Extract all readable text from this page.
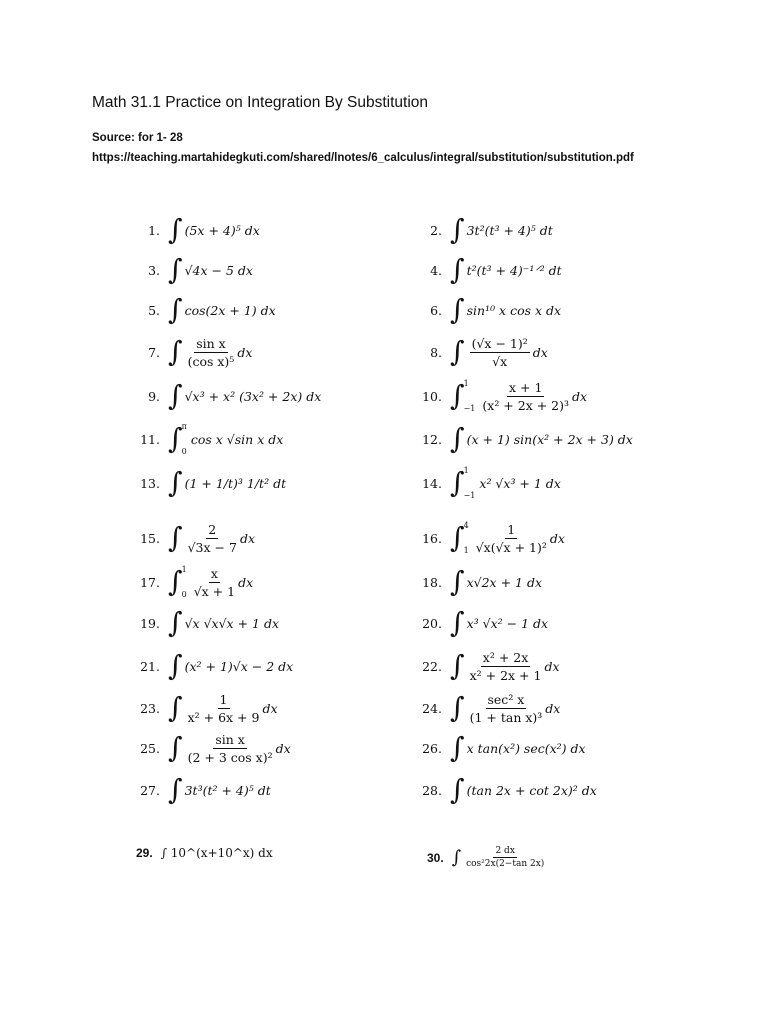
Math 31.1 Practice on Integration By Substitution
Source: for 1- 28
https://teaching.martahidegkuti.com/shared/lnotes/6_calculus/integral/substitution/substitution.pdf
1. ∫ (5x + 4)⁵ dx	2. ∫ 3t²(t³ + 4)⁵ dt
3. ∫ √4x − 5 dx	4. ∫ t²(t³ + 4)⁻¹ᐟ² dt
5. ∫ cos(2x + 1) dx	6. ∫ sin¹⁰ x cos x dx
7. ∫ $\frac{\text{sin x}}{\text{(cos x)⁵}}$ dx	8. ∫ $\frac{\text{(√x − 1)²}}{√x}$ dx
9. ∫ √x³ + x² (3x² + 2x) dx	10. ∫ 1
$-1 \frac{x + 1}{\text{(x² + 2x + 2)³}}$ dx
11. ∫ π
0
cos x √sin x dx	12. ∫ (x + 1) sin(x² + 2x + 3) dx
13. ∫ (1 + 1/t)³ 1/t² dt	14. ∫ 1
−1
x² √x³ + 1 dx
15. ∫ $\frac{2}{√3x - 7}$ dx	16. ∫ 4
$1 \frac{1}{\text{√x(√x + 1)²}}$ dx
17. ∫ 1
$0 \frac{x}{√x + 1}$ dx	18. ∫ x√2x + 1 dx
19. ∫ √x √x√x + 1 dx	20. ∫ x³ √x² − 1 dx
21. ∫ (x² + 1)√x − 2 dx	22. ∫ $\frac{\text{x² + 2x}}{\text{x² + 2x + 1}}$ dx
23. ∫ $\frac{1}{\text{x² + 6x + 9}}$ dx	24. ∫ $\frac{\text{sec² x}}{\text{(1 + tan x)³}}$ dx
25. ∫ $\frac{\text{sin x}}{\text{(2 + 3 cos x)²}}$ dx	26. ∫ x tan(x²) sec(x²) dx
27. ∫ 3t³(t² + 4)⁵ dt	28. ∫ (tan 2x + cot 2x)² dx
29. ∫ 10^(x+10^x) dx	30. ∫ $\frac{2 dx}{\text{cos²2x(2−tan 2x)}}$
